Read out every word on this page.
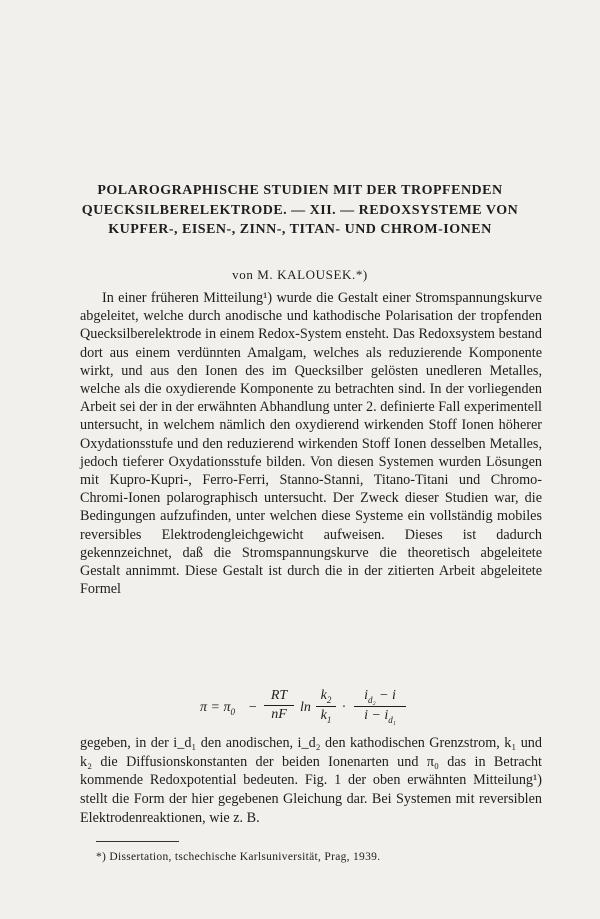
POLAROGRAPHISCHE STUDIEN MIT DER TROPFENDEN
QUECKSILBERELEKTRODE. — XII. — REDOXSYSTEME VON
KUPFER-, EISEN-, ZINN-, TITAN- UND CHROM-IONEN
von M. KALOUSEK.*)

In einer früheren Mitteilung¹) wurde die Gestalt einer Stromspannungskurve abgeleitet, welche durch anodische und kathodische Polarisation der tropfenden Quecksilberelektrode in einem Redox-System ensteht. Das Redoxsystem bestand dort aus einem verdünnten Amalgam, welches als reduzierende Komponente wirkt, und aus den Ionen des im Quecksilber gelösten unedleren Metalles, welche als die oxydierende Komponente zu betrachten sind. In der vorliegenden Arbeit sei der in der erwähnten Abhandlung unter 2. definierte Fall experimentell untersucht, in welchem nämlich den oxydierend wirkenden Stoff Ionen höherer Oxydationsstufe und den reduzierend wirkenden Stoff Ionen desselben Metalles, jedoch tieferer Oxydationsstufe bilden. Von diesen Systemen wurden Lösungen mit Kupro-Kupri-, Ferro-Ferri, Stanno-Stanni, Titano-Titani und Chromo-Chromi-Ionen polarographisch untersucht. Der Zweck dieser Studien war, die Bedingungen aufzufinden, unter welchen diese Systeme ein vollständig mobiles reversibles Elektrodengleichgewicht aufweisen. Dieses ist dadurch gekennzeichnet, daß die Stromspannungskurve die theoretisch abgeleitete Gestalt annimmt. Diese Gestalt ist durch die in der zitierten Arbeit abgeleitete Formel

$\pi = \pi_0$ −
RT
nF ln
$k_2$
$k_1$
·
$i_{d_2} - i$
$i - i_{d_1}$
gegeben, in der i_d₁ den anodischen, i_d₂ den kathodischen Grenzstrom, k₁ und k₂ die Diffusionskonstanten der beiden Ionenarten und π₀ das in Betracht kommende Redoxpotential bedeuten. Fig. 1 der oben erwähnten Mitteilung¹) stellt die Form der hier gegebenen Gleichung dar. Bei Systemen mit reversiblen Elektrodenreaktionen, wie z. B.
*) Dissertation, tschechische Karlsuniversität, Prag, 1939.
